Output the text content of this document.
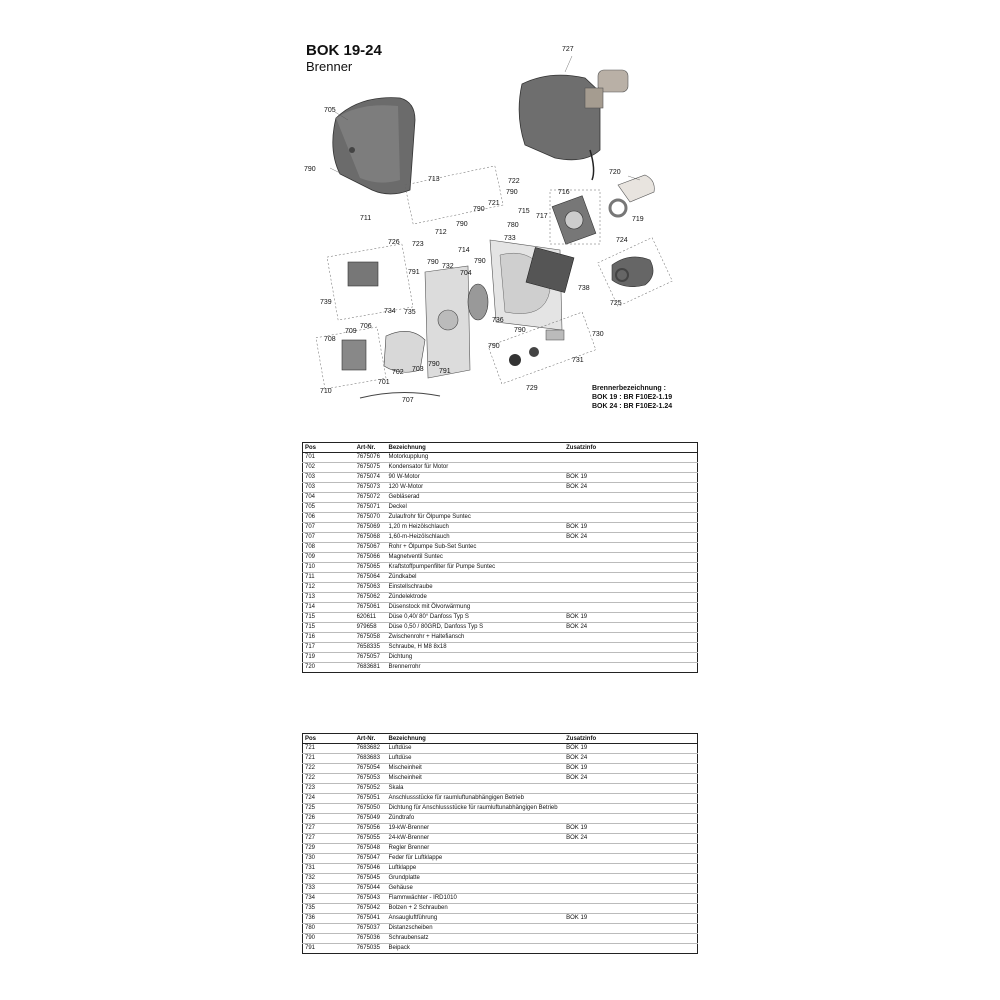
BOK 19-24
Brenner
727
705
790
713	722
790
721
790	715
780
711
716
717	719
720
726 723
712
790
714
733	724
739
791
790
732
704
790
738
734 735
736
725
708
709
706
730
790
790
731
710
701
702 703
790
791
729
707
Brennerbezeichnung :
BOK 19 : BR F10E2-1.19
BOK 24 : BR F10E2-1.24
Pos	Art-Nr.	Bezeichnung	Zusatzinfo
701	7675076	Motorkupplung	
702	7675075	Kondensator für Motor	
703	7675074	90 W-Motor	BOK 19
703	7675073	120 W-Motor	BOK 24
704	7675072	Gebläserad	
705	7675071	Deckel	
706	7675070	Zulaufrohr für Ölpumpe Suntec	
707	7675069	1,20 m Heizölschlauch	BOK 19
707	7675068	1,60-m-Heizölschlauch	BOK 24
708	7675067	Rohr + Ölpumpe Sub-Set Suntec	
709	7675066	Magnetventil Suntec	
710	7675065	Kraftstoffpumpenfilter für Pumpe Suntec	
711	7675064	Zündkabel	
712	7675063	Einstellschraube	
713	7675062	Zündelektrode	
714	7675061	Düsenstock mit Ölvorwärmung	
715	620611	Düse 0,40/ 80° Danfoss Typ S	BOK 19
715	979658	Düse 0,50 / 80GRD, Danfoss Typ S	BOK 24
716	7675058	Zwischenrohr + Haltefiansch	
717	7658335	Schraube, H M8 8x18	
719	7675057	Dichtung	
720	7683681	Brennerrohr	
Pos	Art-Nr.	Bezeichnung	Zusatzinfo
721	7683682	Luftdüse	BOK 19
721	7683683	Luftdüse	BOK 24
722	7675054	Mischeinheit	BOK 19
722	7675053	Mischeinheit	BOK 24
723	7675052	Skala	
724	7675051	Anschlussstücke für raumluftunabhängigen Betrieb	
725	7675050	Dichtung für Anschlussstücke für raumluftunabhängigen Betrieb	
726	7675049	Zündtrafo	
727	7675056	19-kW-Brenner	BOK 19
727	7675055	24-kW-Brenner	BOK 24
729	7675048	Regler Brenner	
730	7675047	Feder für Luftklappe	
731	7675046	Luftklappe	
732	7675045	Grundplatte	
733	7675044	Gehäuse	
734	7675043	Flammwächter - IRD1010	
735	7675042	Bolzen + 2 Schrauben	
736	7675041	Ansaugluftführung	BOK 19
780	7675037	Distanzscheiben	
790	7675036	Schraubensatz	
791	7675035	Beipack	
